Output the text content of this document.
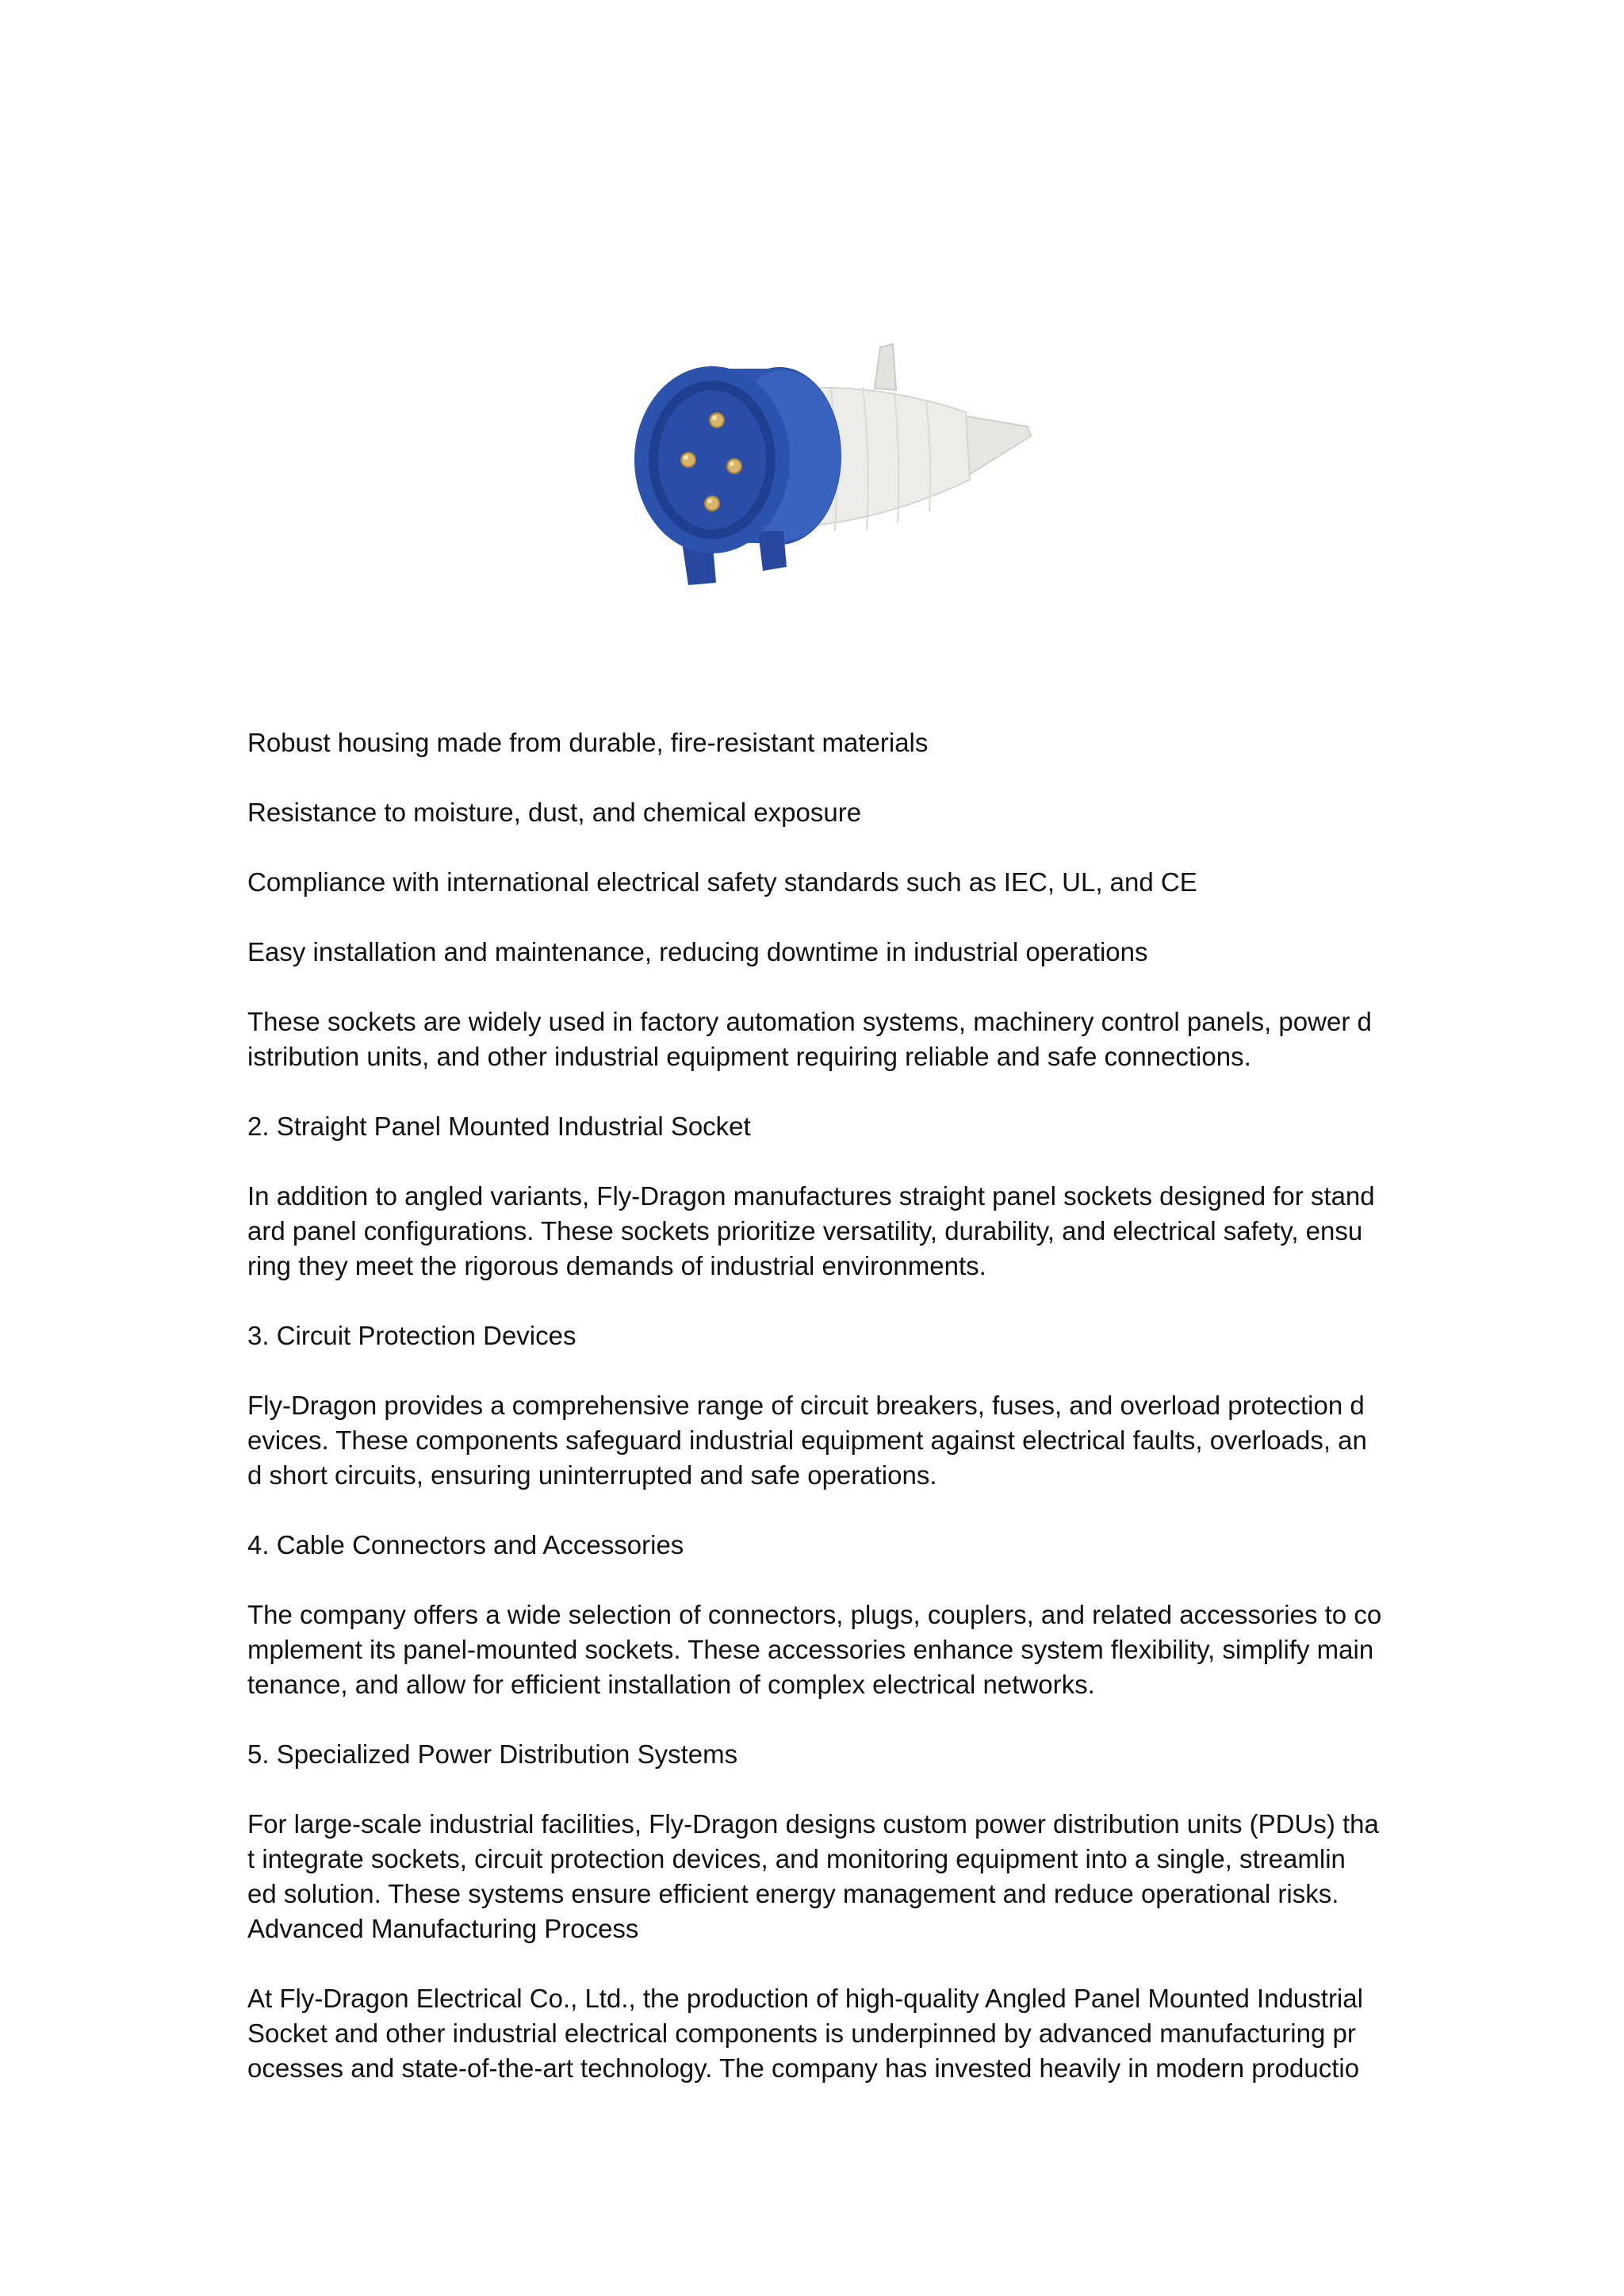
Robust housing made from durable, fire-resistant materials

Resistance to moisture, dust, and chemical exposure

Compliance with international electrical safety standards such as IEC, UL, and CE

Easy installation and maintenance, reducing downtime in industrial operations

These sockets are widely used in factory automation systems, machinery control panels, power d
istribution units, and other industrial equipment requiring reliable and safe connections.

2. Straight Panel Mounted Industrial Socket

In addition to angled variants, Fly-Dragon manufactures straight panel sockets designed for stand
ard panel configurations. These sockets prioritize versatility, durability, and electrical safety, ensu
ring they meet the rigorous demands of industrial environments.

3. Circuit Protection Devices

Fly-Dragon provides a comprehensive range of circuit breakers, fuses, and overload protection d
evices. These components safeguard industrial equipment against electrical faults, overloads, an
d short circuits, ensuring uninterrupted and safe operations.

4. Cable Connectors and Accessories

The company offers a wide selection of connectors, plugs, couplers, and related accessories to co
mplement its panel-mounted sockets. These accessories enhance system flexibility, simplify main
tenance, and allow for efficient installation of complex electrical networks.

5. Specialized Power Distribution Systems

For large-scale industrial facilities, Fly-Dragon designs custom power distribution units (PDUs) tha
t integrate sockets, circuit protection devices, and monitoring equipment into a single, streamlin
ed solution. These systems ensure efficient energy management and reduce operational risks.

Advanced Manufacturing Process

At Fly-Dragon Electrical Co., Ltd., the production of high-quality Angled Panel Mounted Industrial
Socket and other industrial electrical components is underpinned by advanced manufacturing pr
ocesses and state-of-the-art technology. The company has invested heavily in modern productio
